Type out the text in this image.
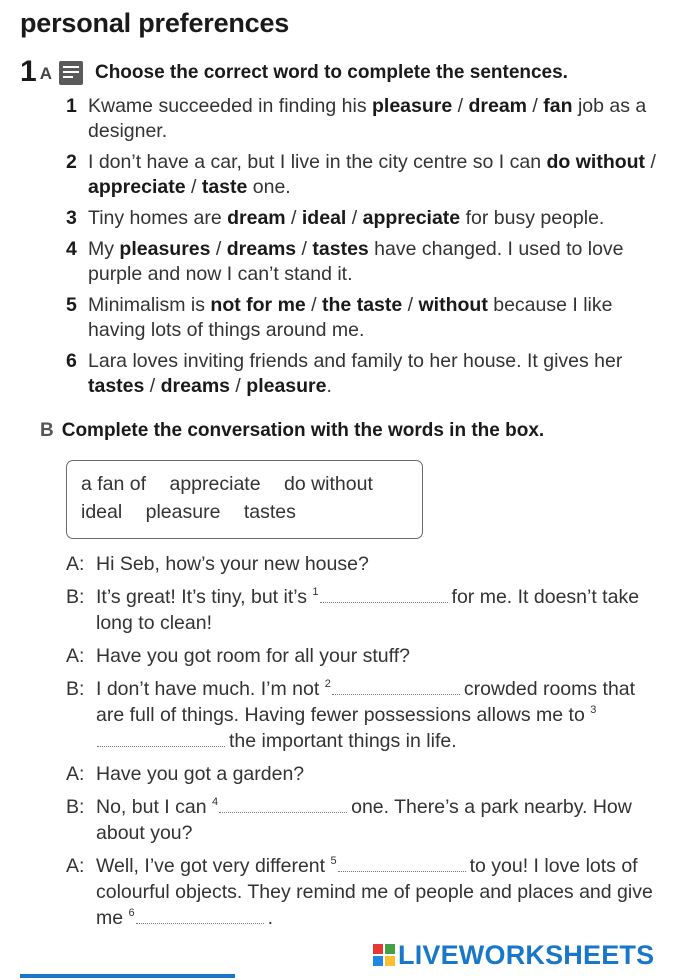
personal preferences
1 A Choose the correct word to complete the sentences.
1 Kwame succeeded in finding his pleasure / dream / fan job as a designer.
2 I don’t have a car, but I live in the city centre so I can do without / appreciate / taste one.
3 Tiny homes are dream / ideal / appreciate for busy people.
4 My pleasures / dreams / tastes have changed. I used to love purple and now I can’t stand it.
5 Minimalism is not for me / the taste / without because I like having lots of things around me.
6 Lara loves inviting friends and family to her house. It gives her tastes / dreams / pleasure.
B Complete the conversation with the words in the box.
a fan of appreciate do without ideal pleasure tastes
A: Hi Seb, how’s your new house?
B: It’s great! It’s tiny, but it’s $^1$	for me. It doesn’t take long to clean!
A: Have you got room for all your stuff?
B: I don’t have much. I’m not $^2$	crowded rooms that are full of things. Having fewer possessions allows me to $^3$the important things in life.
A: Have you got a garden?
B: No, but I can $^4$	one. There’s a park nearby. How about you?
A: Well, I’ve got very different $^5$	to you! I love lots of colourful objects. They remind me of people and places and give me $^6$	.
LIVEWORKSHEETS
